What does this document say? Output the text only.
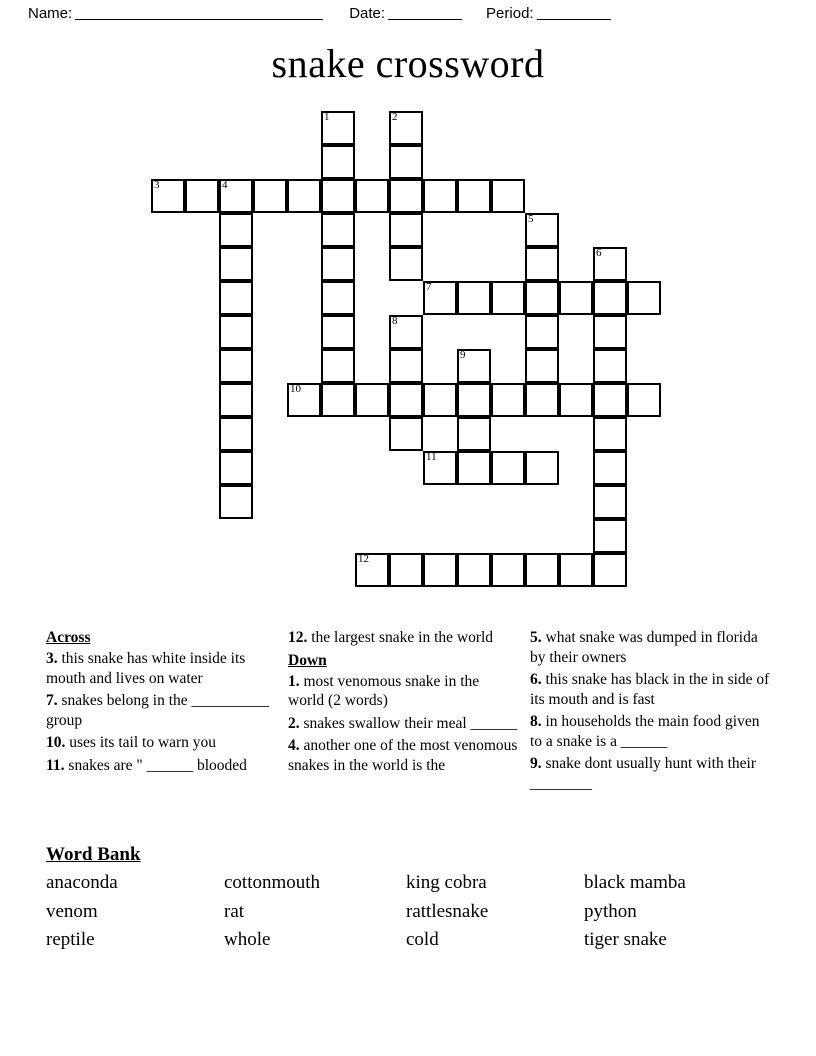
Name:	Date:	Period:
snake crossword
1	2
3	4
5
6
7
8
9
10
11
12
Across
3. this snake has white inside its mouth and lives on water
7. snakes belong in the __________ group
10. uses its tail to warn you
11. snakes are " ______ blooded
12. the largest snake in the world
Down
1. most venomous snake in the world (2 words)
2. snakes swallow their meal ______
4. another one of the most venomous snakes in the world is the
5. what snake was dumped in florida by their owners
6. this snake has black in the in side of its mouth and is fast
8. in households the main food given to a snake is a ______
9. snake dont usually hunt with their ________
Word Bank
anaconda	cottonmouth	king cobra	black mamba
venom	rat	rattlesnake	python
reptile	whole	cold	tiger snake
